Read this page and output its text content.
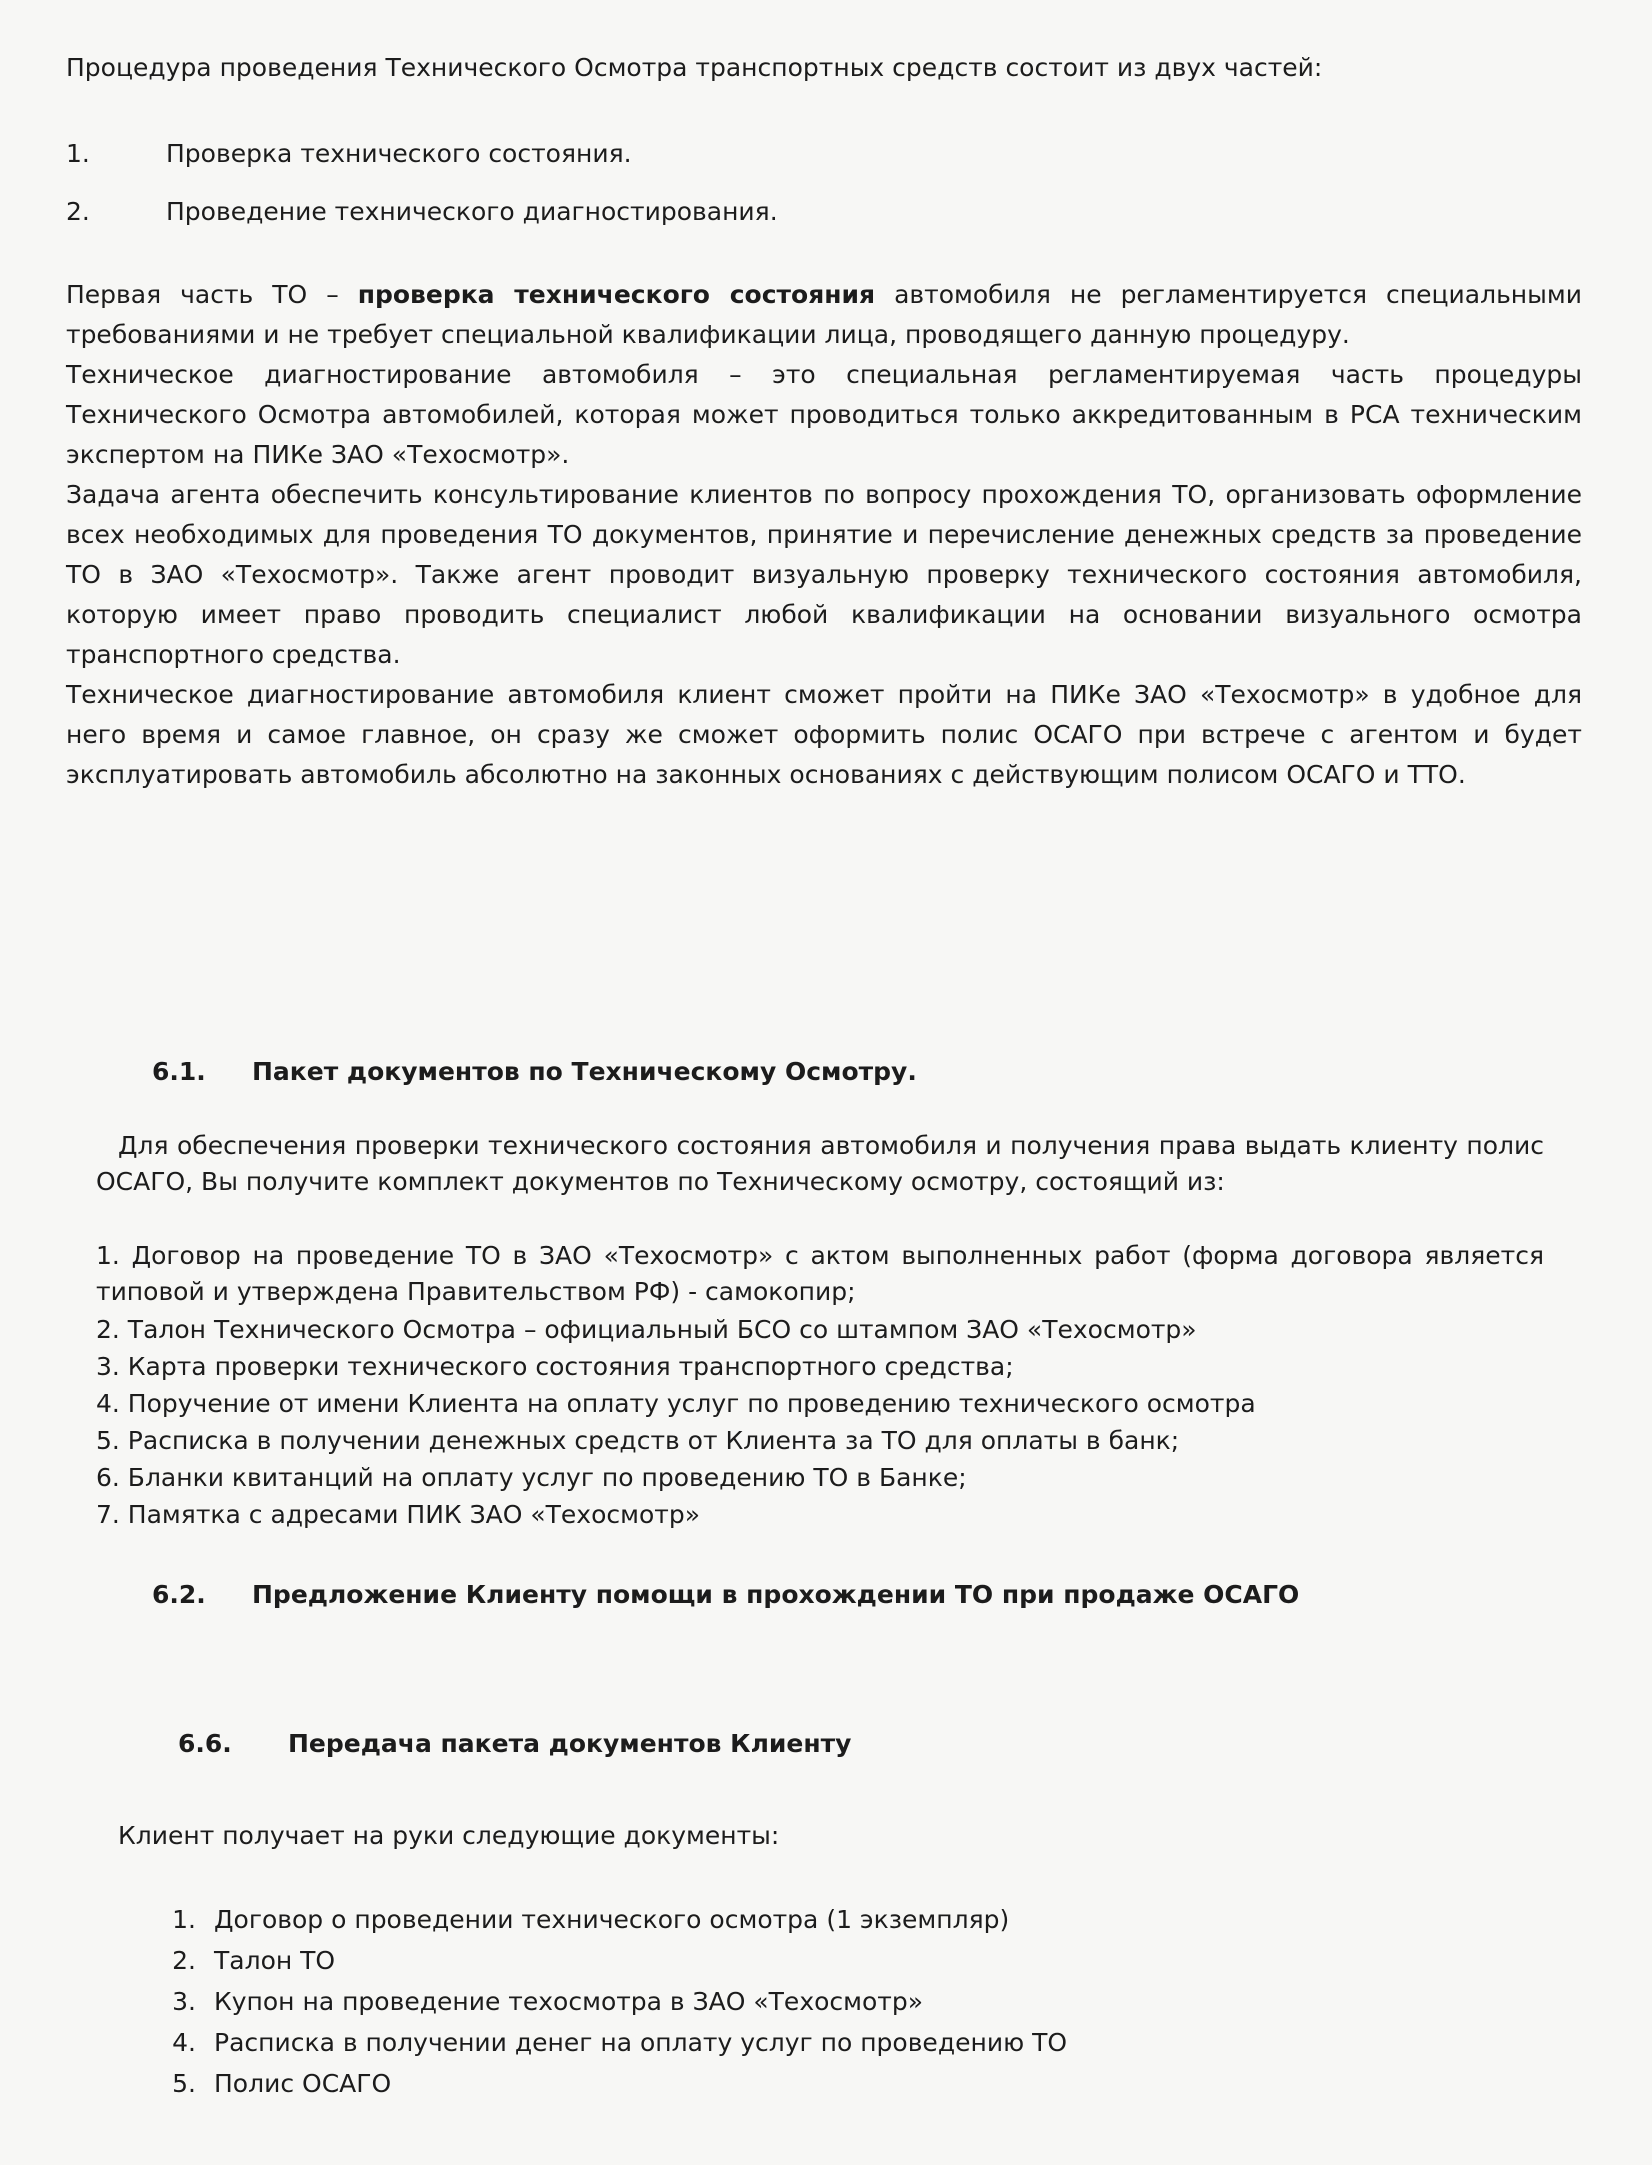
Процедура проведения Технического Осмотра транспортных средств состоит из двух частей:

1.	Проверка технического состояния.
2.	Проведение технического диагностирования.
Первая часть ТО – проверка технического состояния автомобиля не регламентируется специальными требованиями и не требует специальной квалификации лица, проводящего данную процедуру.
Техническое диагностирование автомобиля – это специальная регламентируемая часть процедуры Технического Осмотра автомобилей, которая может проводиться только аккредитованным в РСА техническим экспертом на ПИКе ЗАО «Техосмотр».
Задача агента обеспечить консультирование клиентов по вопросу прохождения ТО, организовать оформление всех необходимых для проведения ТО документов, принятие и перечисление денежных средств за проведение ТО в ЗАО «Техосмотр». Также агент проводит визуальную проверку технического состояния автомобиля, которую имеет право проводить специалист любой квалификации на основании визуального осмотра транспортного средства.
Техническое диагностирование автомобиля клиент сможет пройти на ПИКе ЗАО «Техосмотр» в удобное для него время и самое главное, он сразу же сможет оформить полис ОСАГО при встрече с агентом и будет эксплуатировать автомобиль абсолютно на законных основаниях с действующим полисом ОСАГО и ТТО.
6.1. Пакет документов по Техническому Осмотру.

Для обеспечения проверки технического состояния автомобиля и получения права выдать клиенту полис ОСАГО, Вы получите комплект документов по Техническому осмотру, состоящий из:

1. Договор на проведение ТО в ЗАО «Техосмотр» с актом выполненных работ (форма договора является типовой и утверждена Правительством РФ) - самокопир;

2. Талон Технического Осмотра – официальный БСО со штампом ЗАО «Техосмотр»
3. Карта проверки технического состояния транспортного средства;
4. Поручение от имени Клиента на оплату услуг по проведению технического осмотра
5. Расписка в получении денежных средств от Клиента за ТО для оплаты в банк;
6. Бланки квитанций на оплату услуг по проведению ТО в Банке;
7. Памятка с адресами ПИК ЗАО «Техосмотр»
6.2. Предложение Клиенту помощи в прохождении ТО при продаже ОСАГО
6.6. Передача пакета документов Клиенту
Клиент получает на руки следующие документы:
1. Договор о проведении технического осмотра (1 экземпляр)
2. Талон ТО
3. Купон на проведение техосмотра в ЗАО «Техосмотр»
4. Расписка в получении денег на оплату услуг по проведению ТО
5. Полис ОСАГО
